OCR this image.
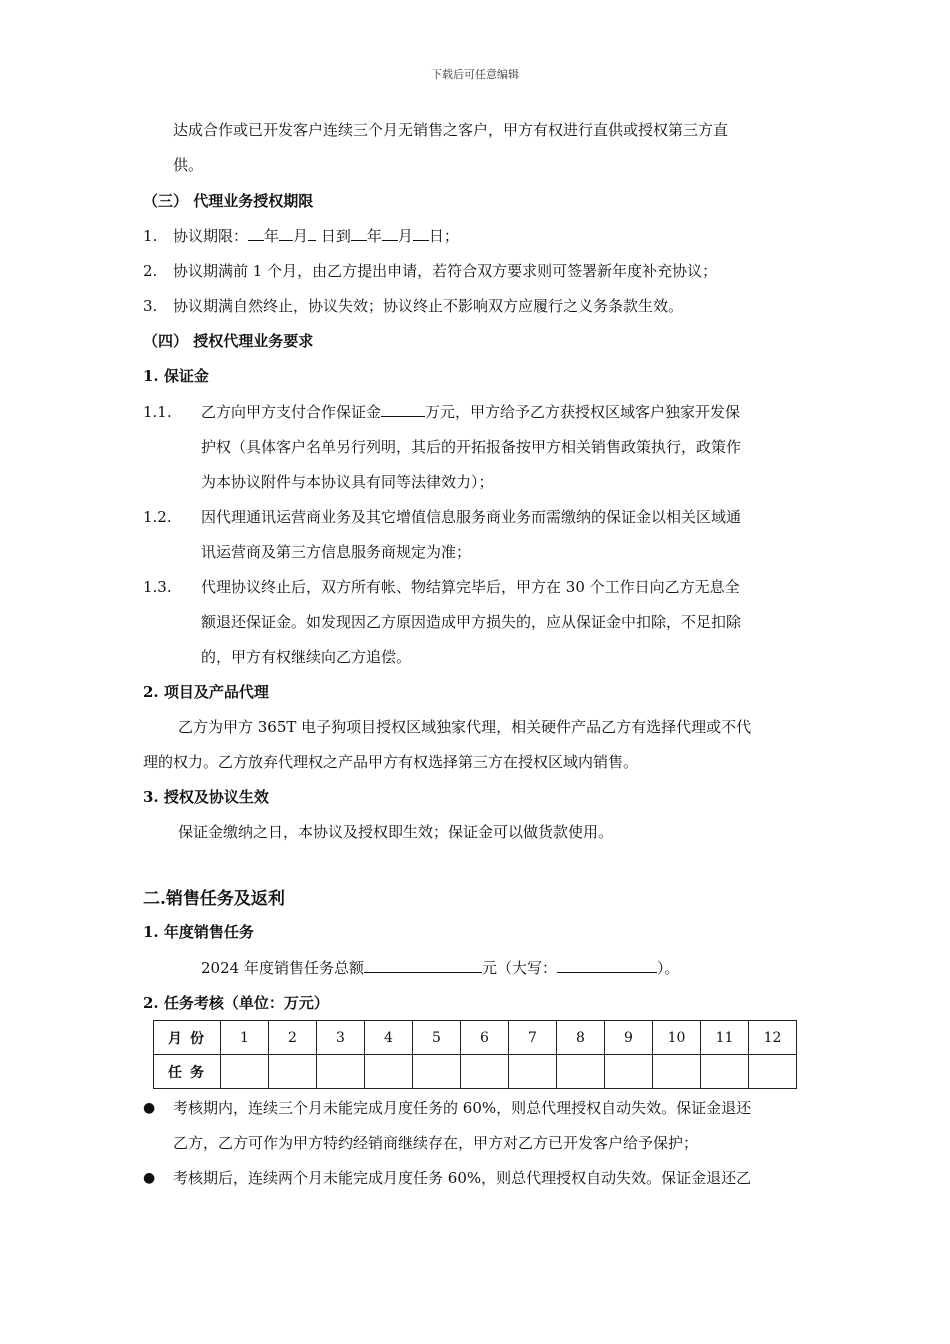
下载后可任意编辑
达成合作或已开发客户连续三个月无销售之客户，甲方有权进行直供或授权第三方直
供。
（三） 代理业务授权期限
1. 协议期限： 年 月 日到 年 月 日；
2. 协议期满前 1 个月，由乙方提出申请，若符合双方要求则可签署新年度补充协议；
3. 协议期满自然终止，协议失效；协议终止不影响双方应履行之义务条款生效。
（四） 授权代理业务要求
1. 保证金
1.1. 乙方向甲方支付合作保证金	万元，甲方给予乙方获授权区域客户独家开发保
护权（具体客户名单另行列明，其后的开拓报备按甲方相关销售政策执行，政策作
为本协议附件与本协议具有同等法律效力）；
1.2. 因代理通讯运营商业务及其它增值信息服务商业务而需缴纳的保证金以相关区域通
讯运营商及第三方信息服务商规定为准；
1.3. 代理协议终止后，双方所有帐、物结算完毕后，甲方在 30 个工作日向乙方无息全
额退还保证金。如发现因乙方原因造成甲方损失的，应从保证金中扣除，不足扣除
的，甲方有权继续向乙方追偿。
2. 项目及产品代理
乙方为甲方 365T 电子狗项目授权区域独家代理，相关硬件产品乙方有选择代理或不代
理的权力。乙方放弃代理权之产品甲方有权选择第三方在授权区域内销售。
3. 授权及协议生效
保证金缴纳之日，本协议及授权即生效；保证金可以做货款使用。
二.销售任务及返利
1. 年度销售任务
2024 年度销售任务总额	元（大写：	）。
2. 任务考核（单位：万元）
月份	1	2	3	4	5	6	7	8	9	10	11	12
任务												
● 考核期内，连续三个月未能完成月度任务的 60%，则总代理授权自动失效。保证金退还
乙方，乙方可作为甲方特约经销商继续存在，甲方对乙方已开发客户给予保护；
● 考核期后，连续两个月未能完成月度任务 60%，则总代理授权自动失效。保证金退还乙
